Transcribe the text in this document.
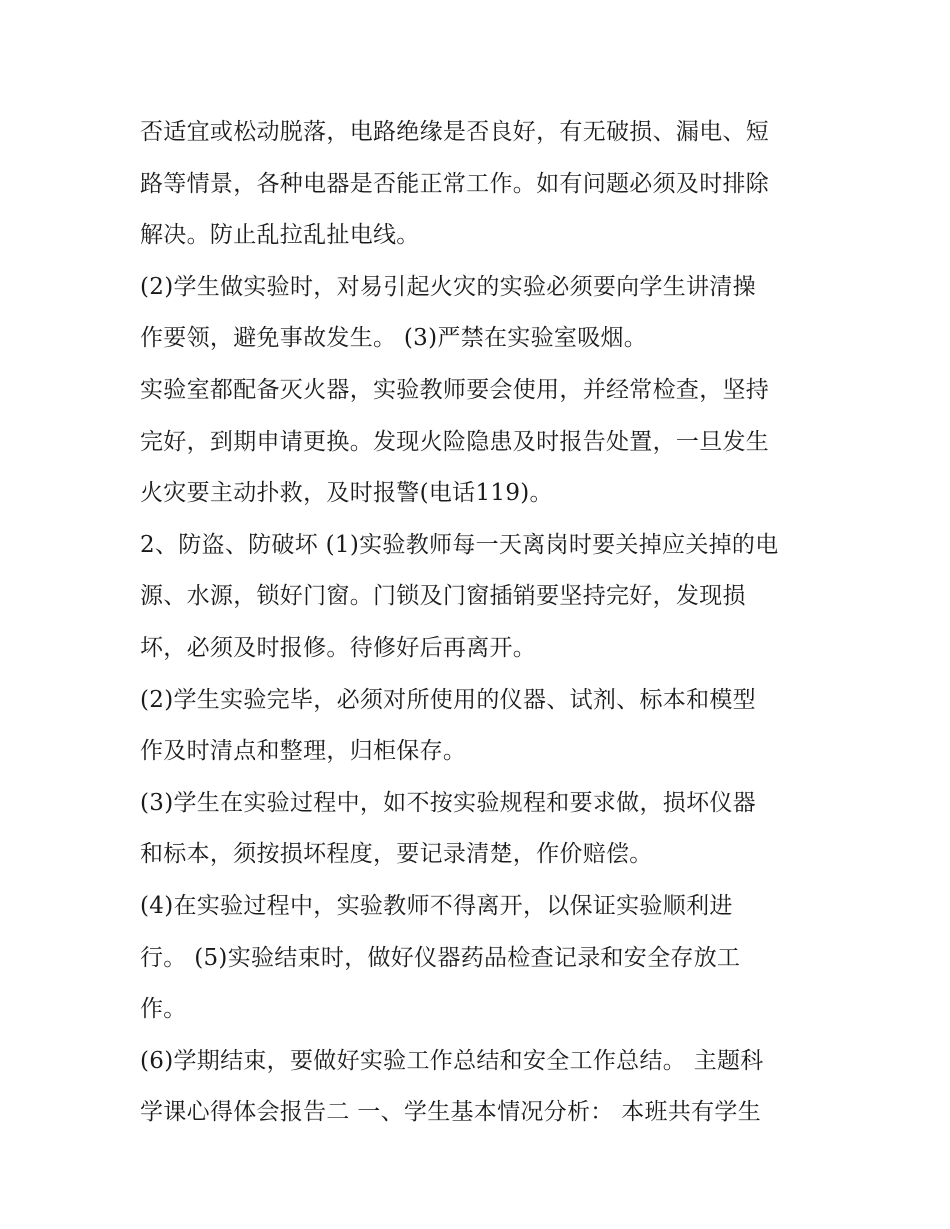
否适宜或松动脱落，电路绝缘是否良好，有无破损、漏电、短
路等情景，各种电器是否能正常工作。如有问题必须及时排除
解决。防止乱拉乱扯电线。
(2)学生做实验时，对易引起火灾的实验必须要向学生讲清操
作要领，避免事故发生。 (3)严禁在实验室吸烟。
实验室都配备灭火器，实验教师要会使用，并经常检查，坚持
完好，到期申请更换。发现火险隐患及时报告处置，一旦发生
火灾要主动扑救，及时报警(电话119)。
2、防盗、防破坏 (1)实验教师每一天离岗时要关掉应关掉的电
源、水源，锁好门窗。门锁及门窗插销要坚持完好，发现损
坏，必须及时报修。待修好后再离开。
(2)学生实验完毕，必须对所使用的仪器、试剂、标本和模型
作及时清点和整理，归柜保存。
(3)学生在实验过程中，如不按实验规程和要求做，损坏仪器
和标本，须按损坏程度，要记录清楚，作价赔偿。
(4)在实验过程中，实验教师不得离开，以保证实验顺利进
行。 (5)实验结束时，做好仪器药品检查记录和安全存放工
作。
(6)学期结束，要做好实验工作总结和安全工作总结。 主题科
学课心得体会报告二 一、学生基本情况分析： 本班共有学生
